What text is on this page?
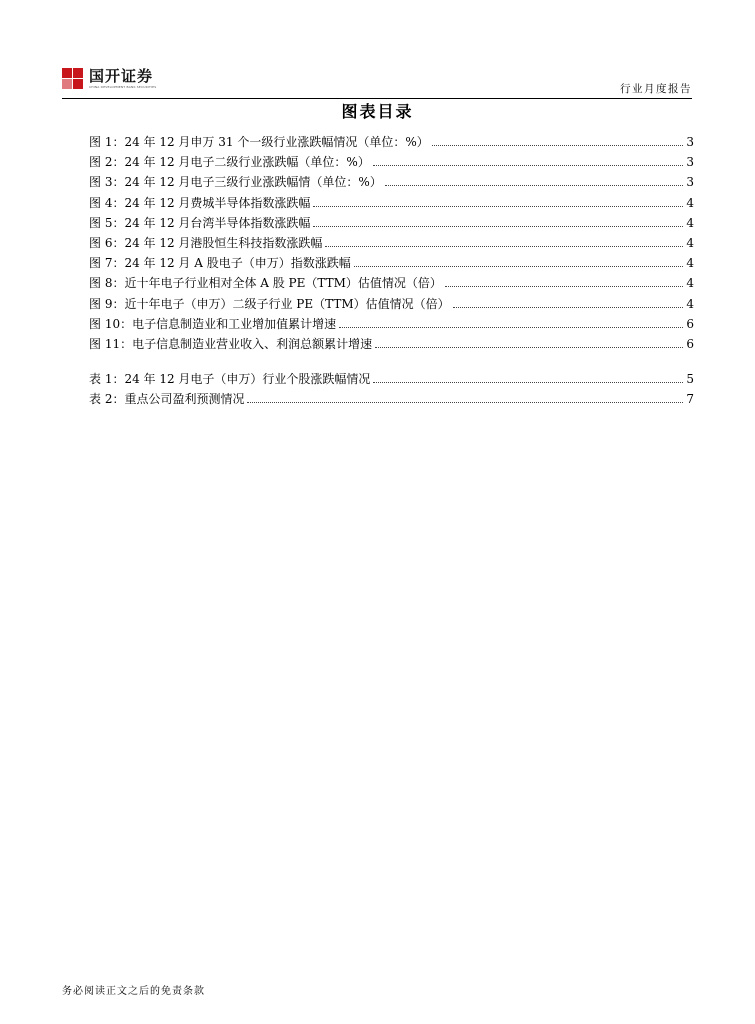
国开证券
CHINA DEVELOPMENT BANK SECURITIES	行业月度报告
图表目录
图 1：24 年 12 月申万 31 个一级行业涨跌幅情况（单位：%）	3
图 2：24 年 12 月电子二级行业涨跌幅（单位：%）	3
图 3：24 年 12 月电子三级行业涨跌幅情（单位：%）	3
图 4：24 年 12 月费城半导体指数涨跌幅	4
图 5：24 年 12 月台湾半导体指数涨跌幅	4
图 6：24 年 12 月港股恒生科技指数涨跌幅	4
图 7：24 年 12 月 A 股电子（申万）指数涨跌幅	4
图 8：近十年电子行业相对全体 A 股 PE（TTM）估值情况（倍）	4
图 9：近十年电子（申万）二级子行业 PE（TTM）估值情况（倍）	4
图 10：电子信息制造业和工业增加值累计增速	6
图 11：电子信息制造业营业收入、利润总额累计增速	6
表 1：24 年 12 月电子（申万）行业个股涨跌幅情况	5
表 2：重点公司盈利预测情况	7
务必阅读正文之后的免责条款
